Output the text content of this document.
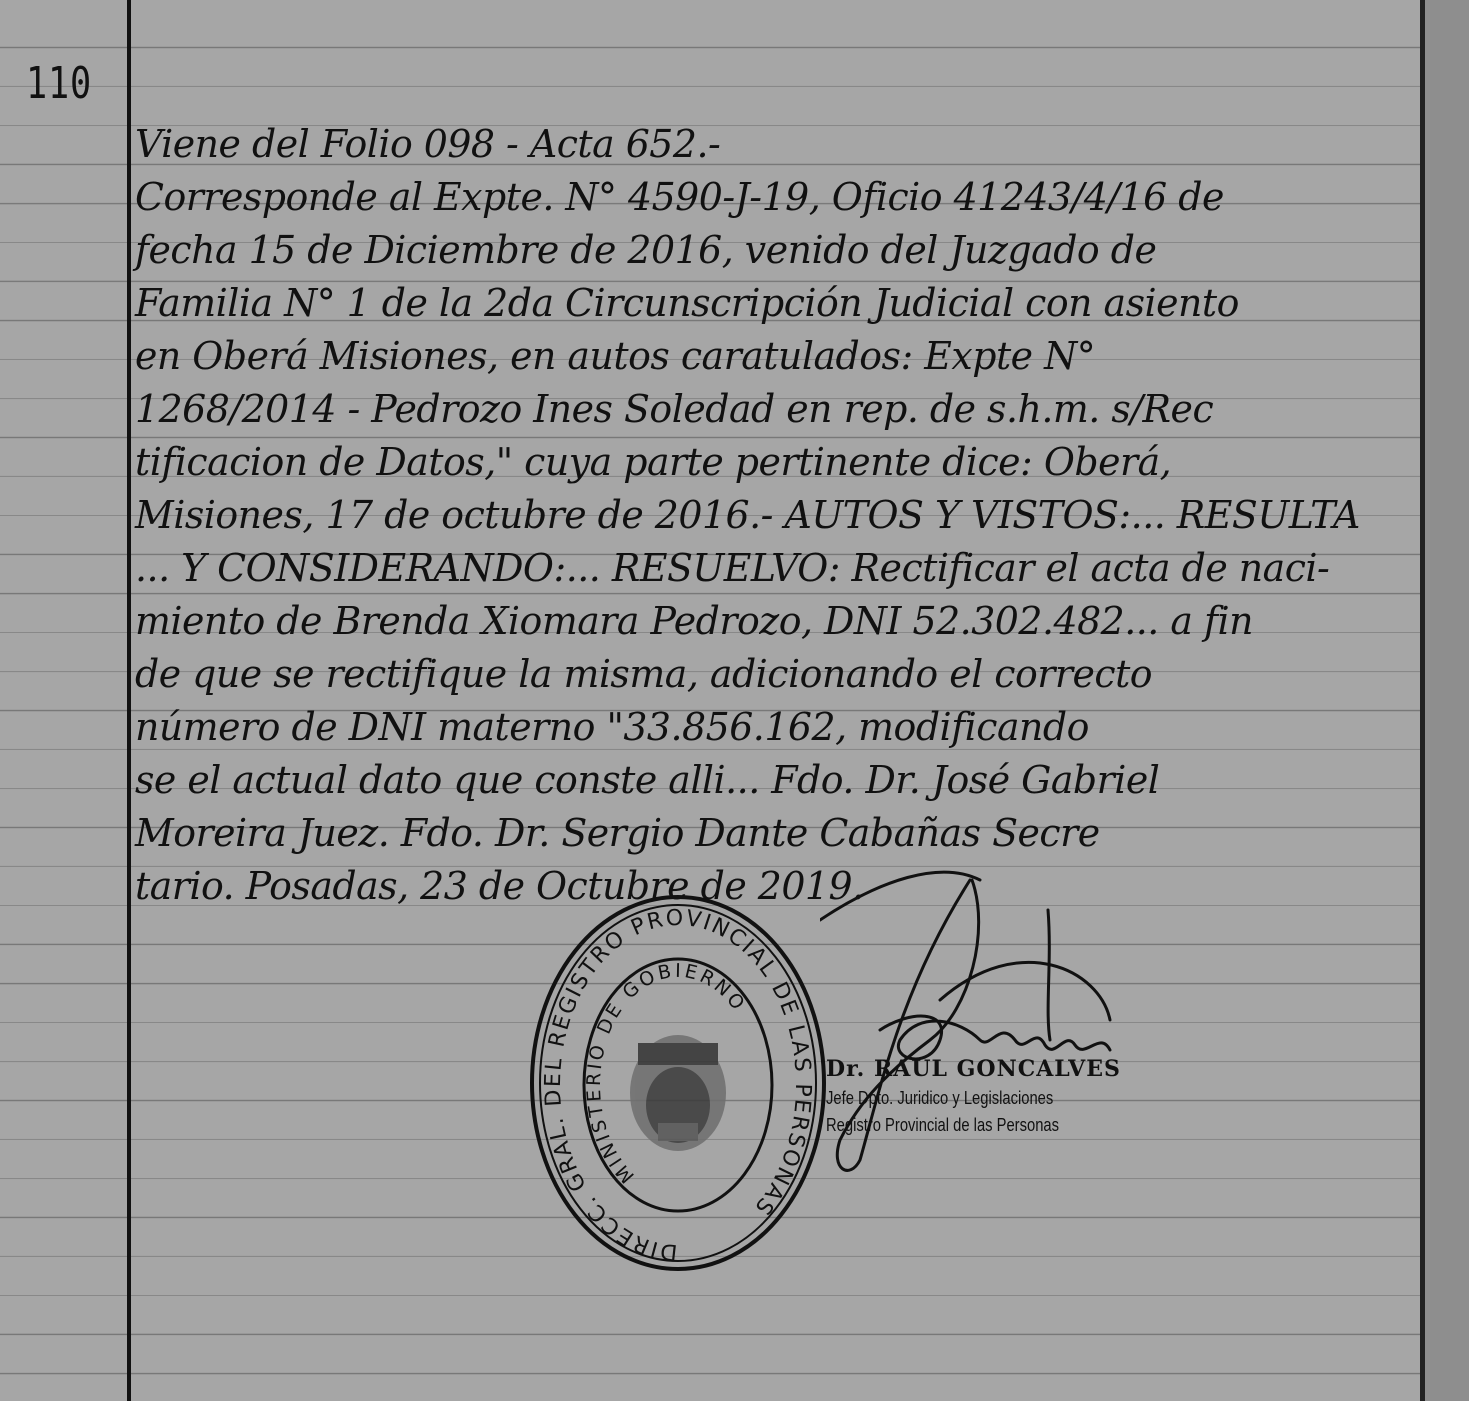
110
Viene del Folio 098 - Acta 652.-
Corresponde al Expte. N° 4590-J-19, Oficio 41243/4/16 de
fecha 15 de Diciembre de 2016, venido del Juzgado de
Familia N° 1 de la 2da Circunscripción Judicial con asiento
en Oberá Misiones, en autos caratulados: Expte N°
1268/2014 - Pedrozo Ines Soledad en rep. de s.h.m. s/Rec
tificacion de Datos," cuya parte pertinente dice: Oberá,
Misiones, 17 de octubre de 2016.- AUTOS Y VISTOS:... RESULTA
... Y CONSIDERANDO:... RESUELVO: Rectificar el acta de naci-
miento de Brenda Xiomara Pedrozo, DNI 52.302.482... a fin
de que se rectifique la misma, adicionando el correcto
número de DNI materno "33.856.162, modificando
se el actual dato que conste alli... Fdo. Dr. José Gabriel
Moreira Juez. Fdo. Dr. Sergio Dante Cabañas Secre
tario. Posadas, 23 de Octubre de 2019.
DIRECC. GRAL. DEL REGISTRO PROVINCIAL DE LAS PERSONAS
MINISTERIO DE GOBIERNO
Dr. RAUL GONCALVES
Jefe Dpto. Juridico y Legislaciones
Registro Provincial de las Personas
